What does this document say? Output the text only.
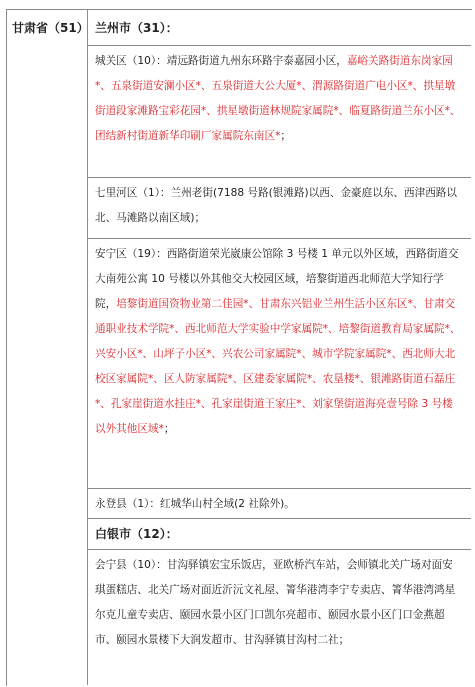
甘肃省（51） 兰州市（31）：
城关区（10）：靖远路街道九州东环路宇泰嘉园小区，嘉峪关路街道东岗家园*、五泉街道安澜小区*、五泉街道大公大厦*、渭源路街道广电小区*、拱星墩街道段家滩路宝彩花园*、拱星墩街道林规院家属院*、临夏路街道兰东小区*、团结新村街道新华印刷厂家属院东南区*；
七里河区（1）：兰州老街(7188 号路(银滩路)以西、金豪庭以东、西津西路以北、马滩路以南区域)；
安宁区（19）：西路街道荣光崴康公馆除 3 号楼 1 单元以外区域，西路街道交大南苑公寓 10 号楼以外其他交大校园区域，培黎街道西北师范大学知行学院，培黎街道国资物业第二佳园*、甘肃东兴铝业兰州生活小区东区*、甘肃交通职业技术学院*、西北师范大学实验中学家属院*、培黎街道教育局家属院*、兴安小区*、山坪子小区*、兴农公司家属院*、城市学院家属院*、西北师大北校区家属院*、区人防家属院*、区建委家属院*、农垦楼*、银滩路街道石磊庄*、孔家崖街道水挂庄*、孔家崖街道王家庄*、刘家堡街道海亮壹号除 3 号楼以外其他区域*；
永登县（1）：红城华山村全域(2 社除外)。
白银市（12）：
会宁县（10）：甘沟驿镇宏宝乐饭店，亚欧桥汽车站，会师镇北关广场对面安琪蛋糕店、北关广场对面近沂沅文礼屋、箐华港湾李宁专卖店、箐华港湾鸿星尔克儿童专卖店、颐园水景小区门口凯尔亮超市、颐园水景小区门口金燕超市、颐园水景楼下大润发超市、甘沟驿镇甘沟村二社；
